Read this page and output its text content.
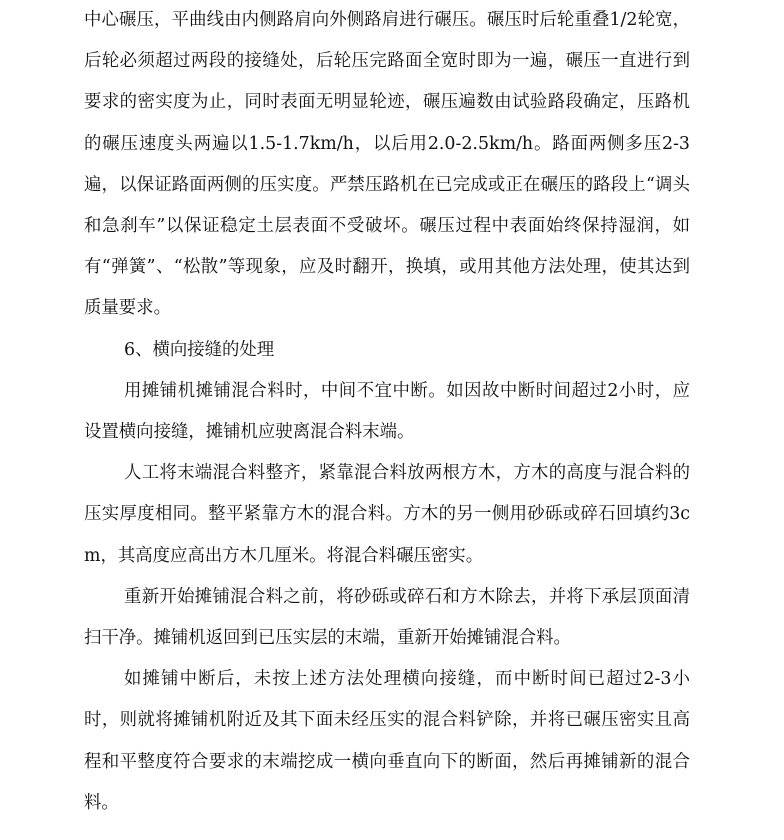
中心碾压，平曲线由内侧路肩向外侧路肩进行碾压。碾压时后轮重叠1/2轮宽，后轮必须超过两段的接缝处，后轮压完路面全宽时即为一遍，碾压一直进行到要求的密实度为止，同时表面无明显轮迹，碾压遍数由试验路段确定，压路机的碾压速度头两遍以1.5-1.7km/h，以后用2.0-2.5km/h。路面两侧多压2-3遍，以保证路面两侧的压实度。严禁压路机在已完成或正在碾压的路段上“调头和急刹车”以保证稳定土层表面不受破坏。碾压过程中表面始终保持湿润，如有“弹簧”、“松散”等现象，应及时翻开，换填，或用其他方法处理，使其达到质量要求。

6、横向接缝的处理

用摊铺机摊铺混合料时，中间不宜中断。如因故中断时间超过2小时，应设置横向接缝，摊铺机应驶离混合料末端。

人工将末端混合料整齐，紧靠混合料放两根方木，方木的高度与混合料的压实厚度相同。整平紧靠方木的混合料。方木的另一侧用砂砾或碎石回填约3cm，其高度应高出方木几厘米。将混合料碾压密实。

重新开始摊铺混合料之前，将砂砾或碎石和方木除去，并将下承层顶面清扫干净。摊铺机返回到已压实层的末端，重新开始摊铺混合料。

如摊铺中断后，未按上述方法处理横向接缝，而中断时间已超过2-3小时，则就将摊铺机附近及其下面未经压实的混合料铲除，并将已碾压密实且高程和平整度符合要求的末端挖成一横向垂直向下的断面，然后再摊铺新的混合料。
